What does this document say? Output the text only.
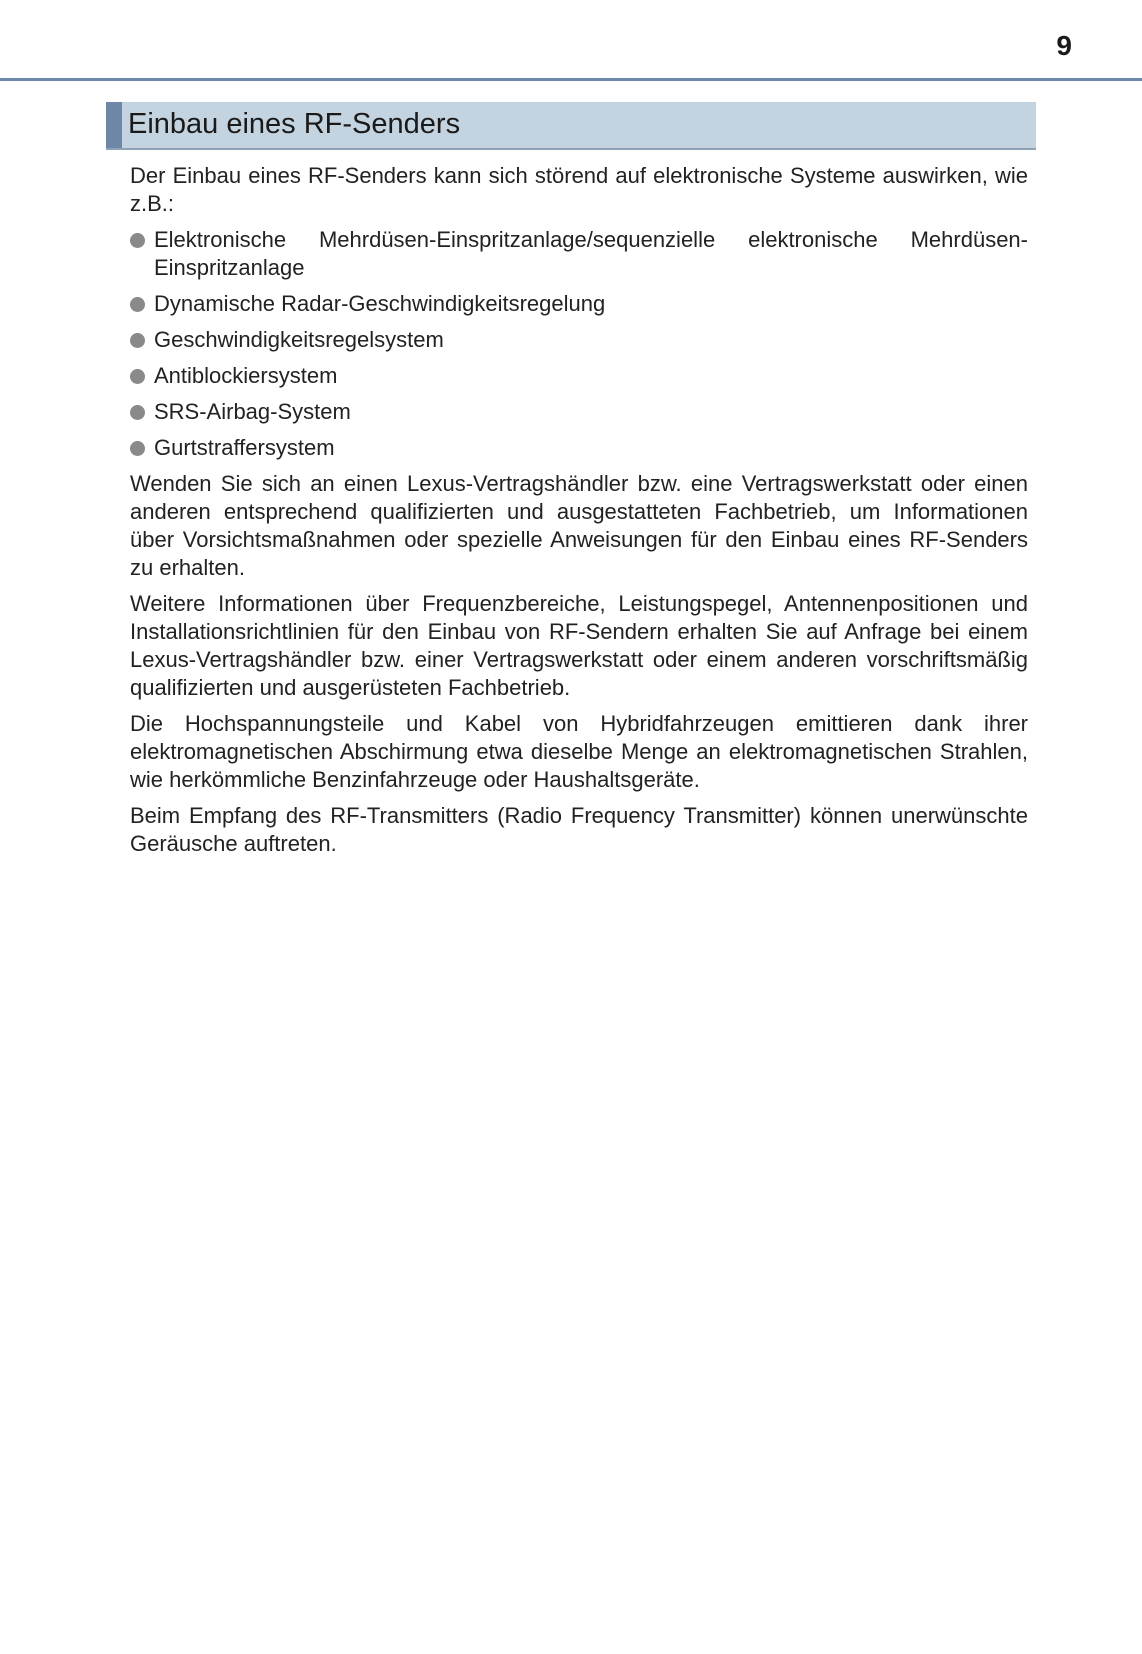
9
Einbau eines RF-Senders

Der Einbau eines RF-Senders kann sich störend auf elektronische Systeme auswirken, wie z.B.:

Elektronische Mehrdüsen-Einspritzanlage/sequenzielle elektronische Mehrdüsen-Einspritzanlage
Dynamische Radar-Geschwindigkeitsregelung
Geschwindigkeitsregelsystem
Antiblockiersystem
SRS-Airbag-System
Gurtstraffersystem

Wenden Sie sich an einen Lexus-Vertragshändler bzw. eine Vertragswerkstatt oder einen anderen entsprechend qualifizierten und ausgestatteten Fachbetrieb, um Informationen über Vorsichtsmaßnahmen oder spezielle Anweisungen für den Einbau eines RF-Senders zu erhalten.

Weitere Informationen über Frequenzbereiche, Leistungspegel, Antennenpositionen und Installationsrichtlinien für den Einbau von RF-Sendern erhalten Sie auf Anfrage bei einem Lexus-Vertragshändler bzw. einer Vertragswerkstatt oder einem anderen vorschriftsmäßig qualifizierten und ausgerüsteten Fachbetrieb.

Die Hochspannungsteile und Kabel von Hybridfahrzeugen emittieren dank ihrer elektromagnetischen Abschirmung etwa dieselbe Menge an elektromagnetischen Strahlen, wie herkömmliche Benzinfahrzeuge oder Haushaltsgeräte.

Beim Empfang des RF-Transmitters (Radio Frequency Transmitter) können unerwünschte Geräusche auftreten.
